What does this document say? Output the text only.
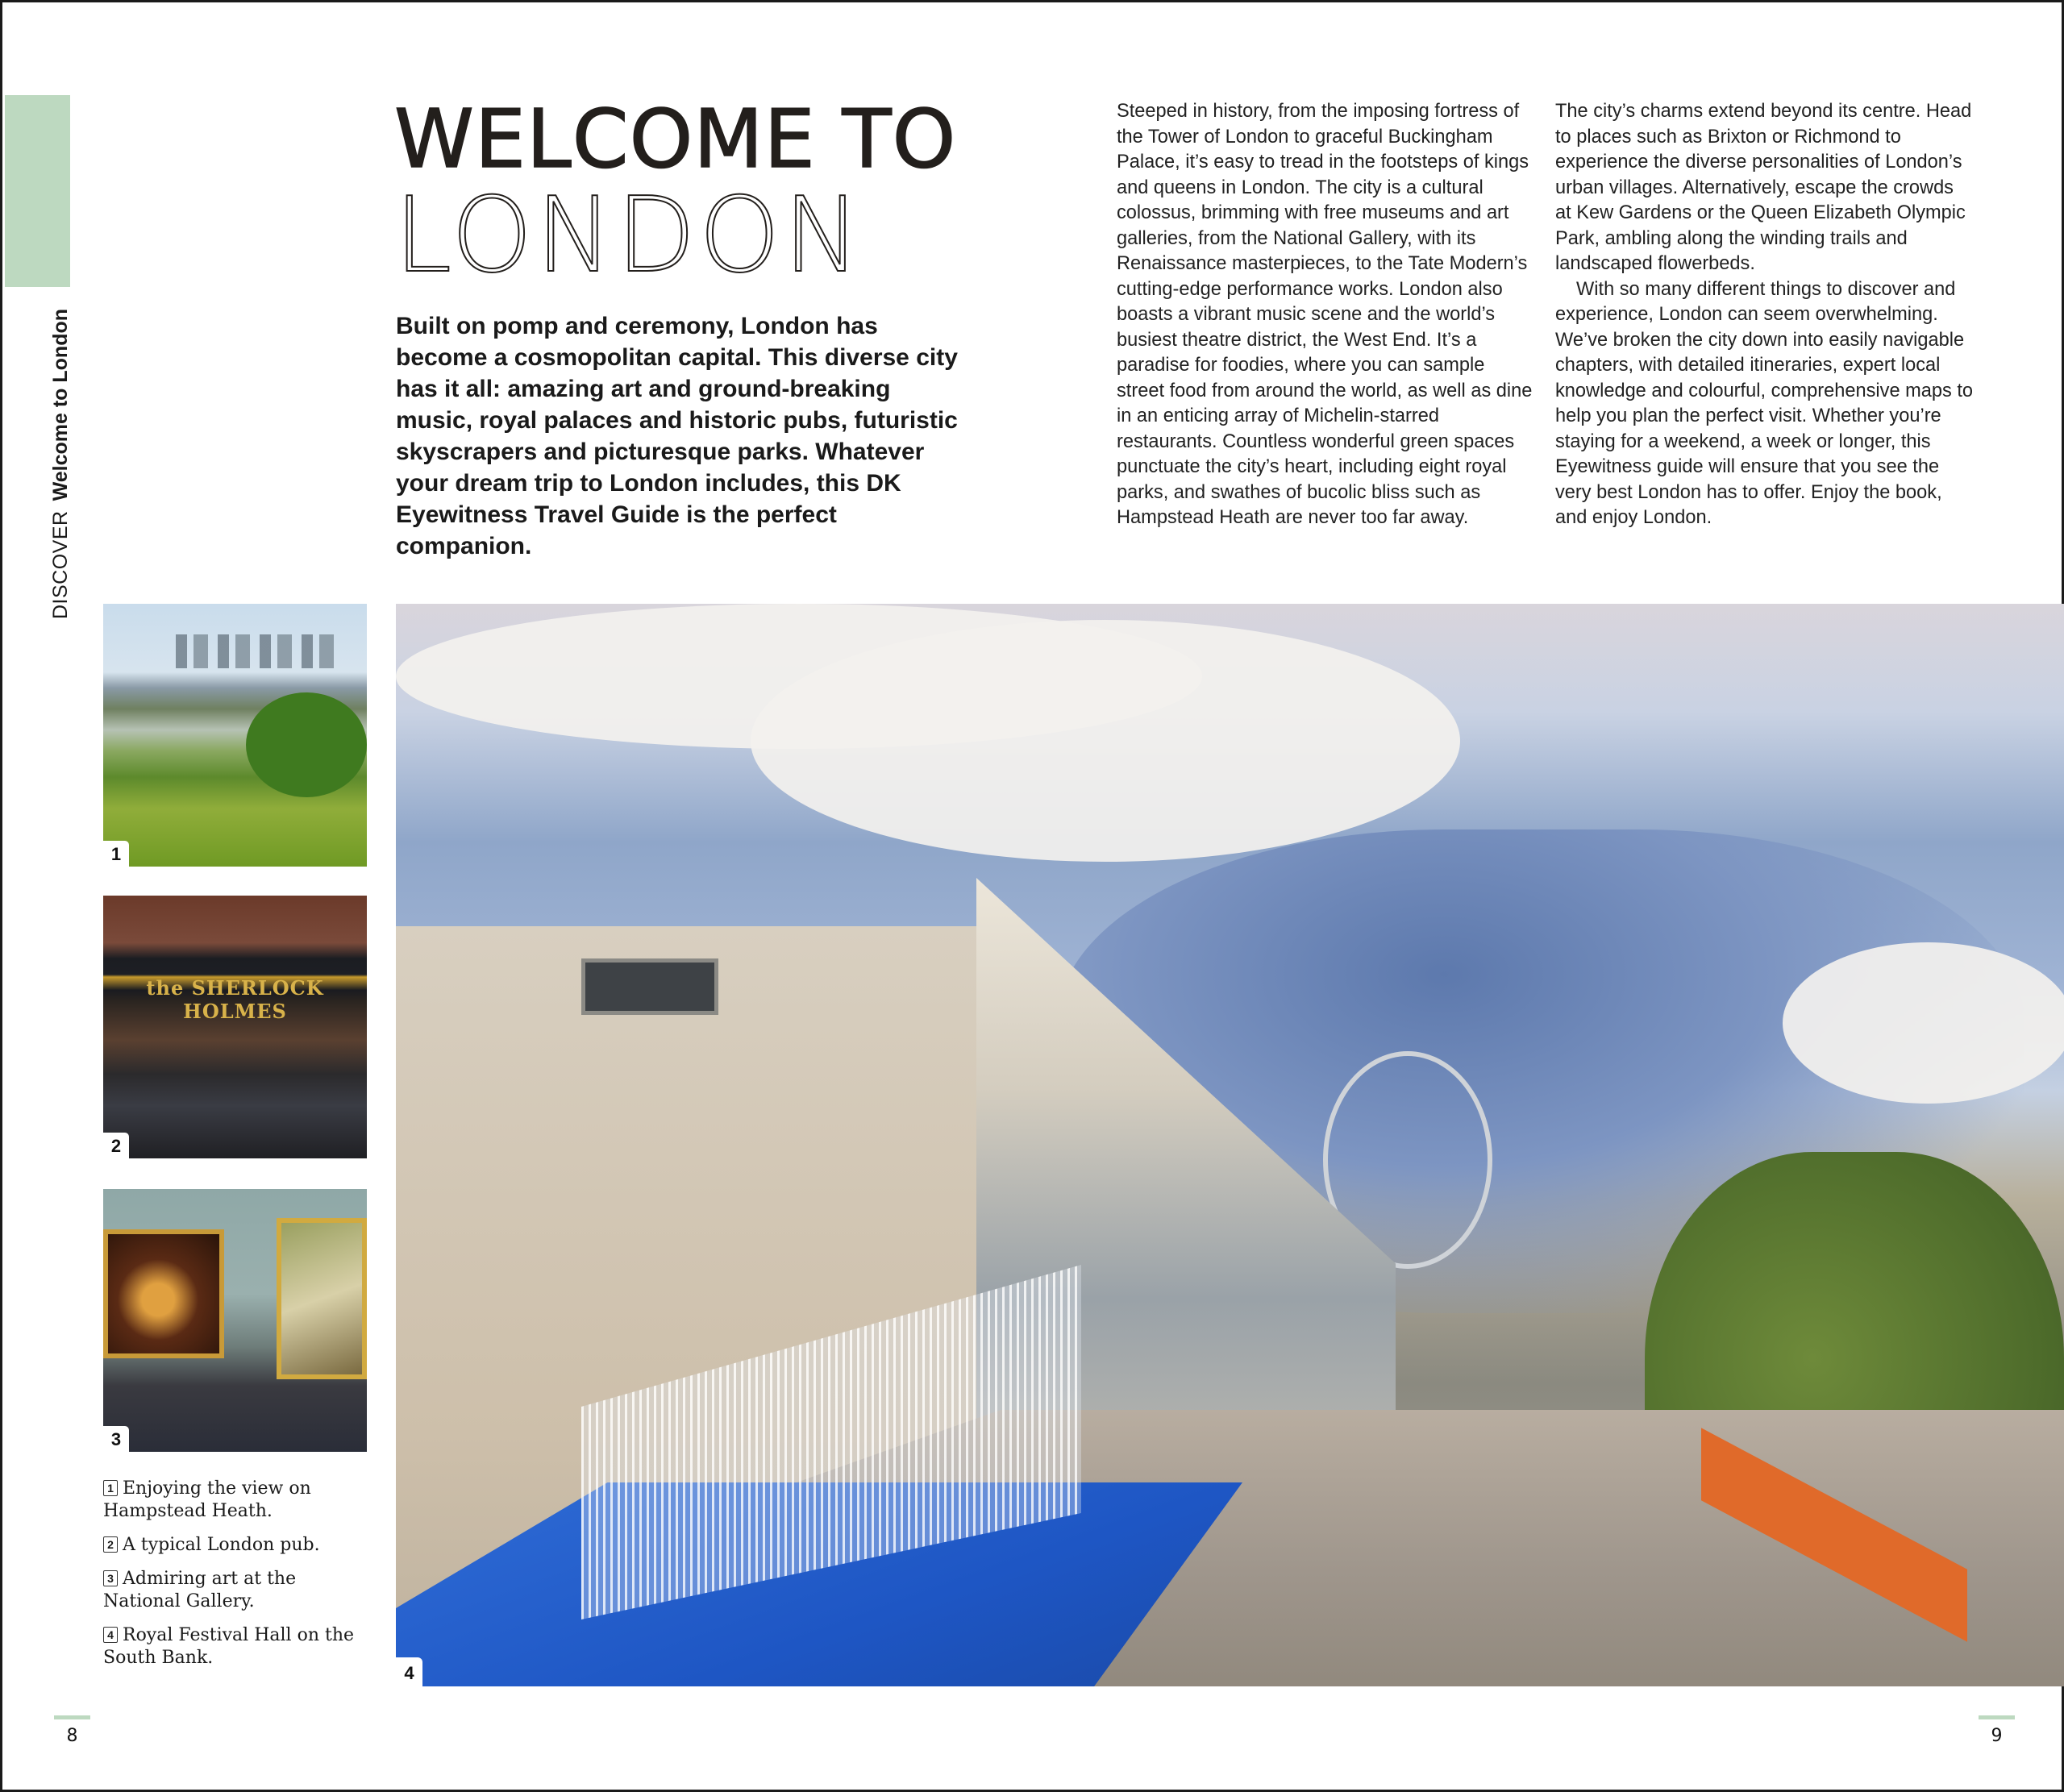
DISCOVERWelcome to London
WELCOME TO
LONDON

Built on pomp and ceremony, London has become a cosmopolitan capital. This diverse city has it all: amazing art and ground-breaking music, royal palaces and historic pubs, futuristic skyscrapers and picturesque parks. Whatever your dream trip to London includes, this DK Eyewitness Travel Guide is the perfect companion.

Steeped in history, from the imposing fortress of the Tower of London to graceful Buckingham Palace, it’s easy to tread in the footsteps of kings and queens in London. The city is a cultural colossus, brimming with free museums and art galleries, from the National Gallery, with its Renaissance masterpieces, to the Tate Modern’s cutting-edge performance works. London also boasts a vibrant music scene and the world’s busiest theatre district, the West End. It’s a paradise for foodies, where you can sample street food from around the world, as well as dine in an enticing array of Michelin-starred restaurants. Countless wonderful green spaces punctuate the city’s heart, including eight royal parks, and swathes of bucolic bliss such as Hampstead Heath are never too far away.

The city’s charms extend beyond its centre. Head to places such as Brixton or Richmond to experience the diverse personalities of London’s urban villages. Alternatively, escape the crowds at Kew Gardens or the Queen Elizabeth Olympic Park, ambling along the winding trails and landscaped flowerbeds.

With so many different things to discover and experience, London can seem overwhelming. We’ve broken the city down into easily navigable chapters, with detailed itineraries, expert local knowledge and colourful, comprehensive maps to help you plan the perfect visit. Whether you’re staying for a weekend, a week or longer, this Eyewitness guide will ensure that you see the very best London has to offer. Enjoy the book, and enjoy London.

1
the SHERLOCK HOLMES
2
3

1 Enjoying the view on Hampstead Heath.

2 A typical London pub.

3 Admiring art at the National Gallery.

4 Royal Festival Hall on the South Bank.

4
8	9
